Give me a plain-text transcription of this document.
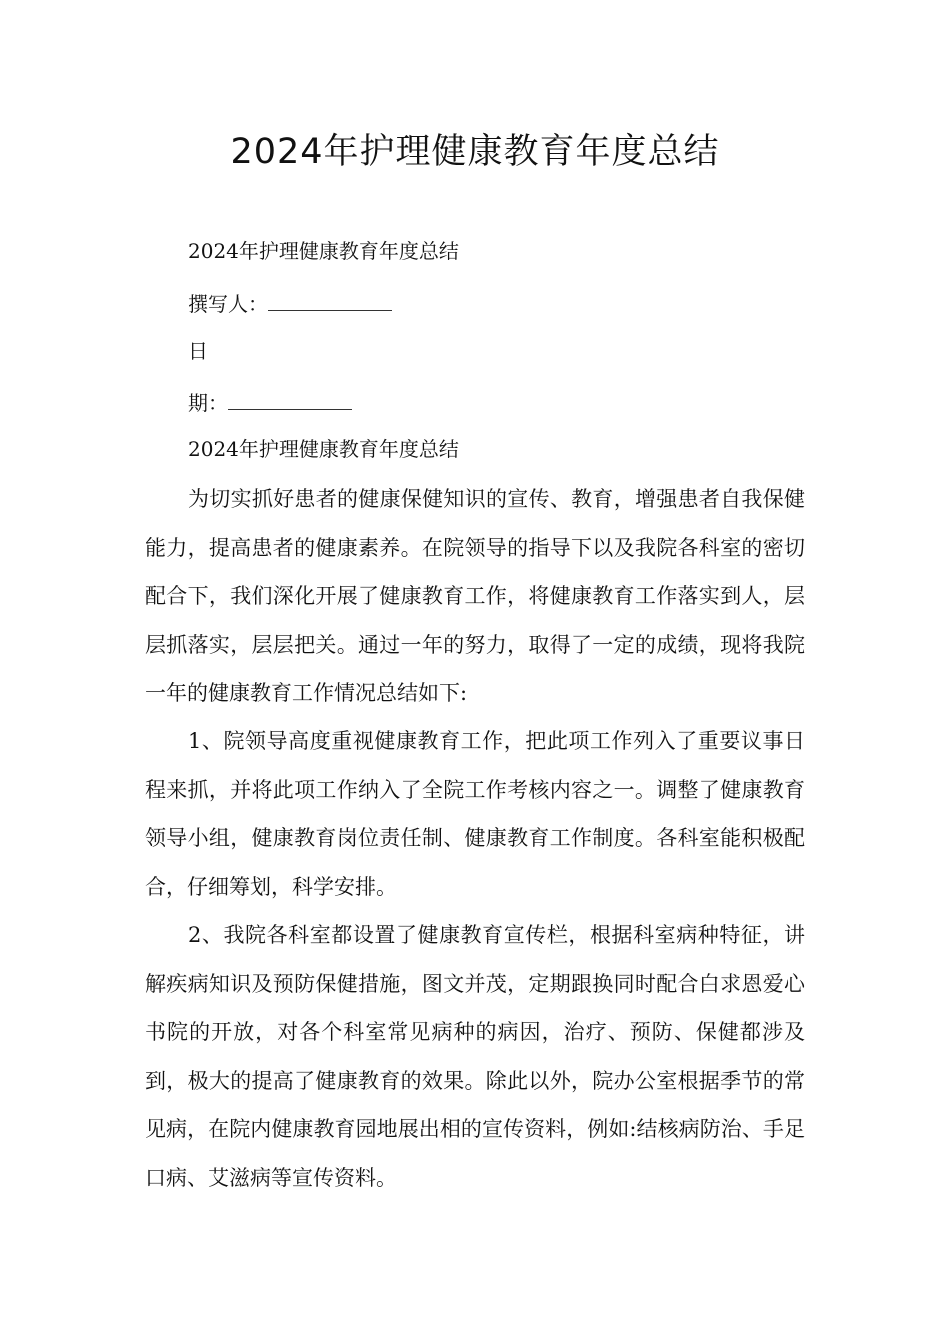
2024年护理健康教育年度总结
2024年护理健康教育年度总结
撰写人：
日
期：
2024年护理健康教育年度总结

为切实抓好患者的健康保健知识的宣传、教育，增强患者自我保健能力，提高患者的健康素养。在院领导的指导下以及我院各科室的密切配合下，我们深化开展了健康教育工作，将健康教育工作落实到人，层层抓落实，层层把关。通过一年的努力，取得了一定的成绩，现将我院一年的健康教育工作情况总结如下:

1、院领导高度重视健康教育工作，把此项工作列入了重要议事日程来抓，并将此项工作纳入了全院工作考核内容之一。调整了健康教育领导小组，健康教育岗位责任制、健康教育工作制度。各科室能积极配合，仔细筹划，科学安排。

2、我院各科室都设置了健康教育宣传栏，根据科室病种特征，讲解疾病知识及预防保健措施，图文并茂，定期跟换同时配合白求恩爱心书院的开放，对各个科室常见病种的病因，治疗、预防、保健都涉及到，极大的提高了健康教育的效果。除此以外，院办公室根据季节的常见病，在院内健康教育园地展出相的宣传资料，例如:结核病防治、手足口病、艾滋病等宣传资料。
